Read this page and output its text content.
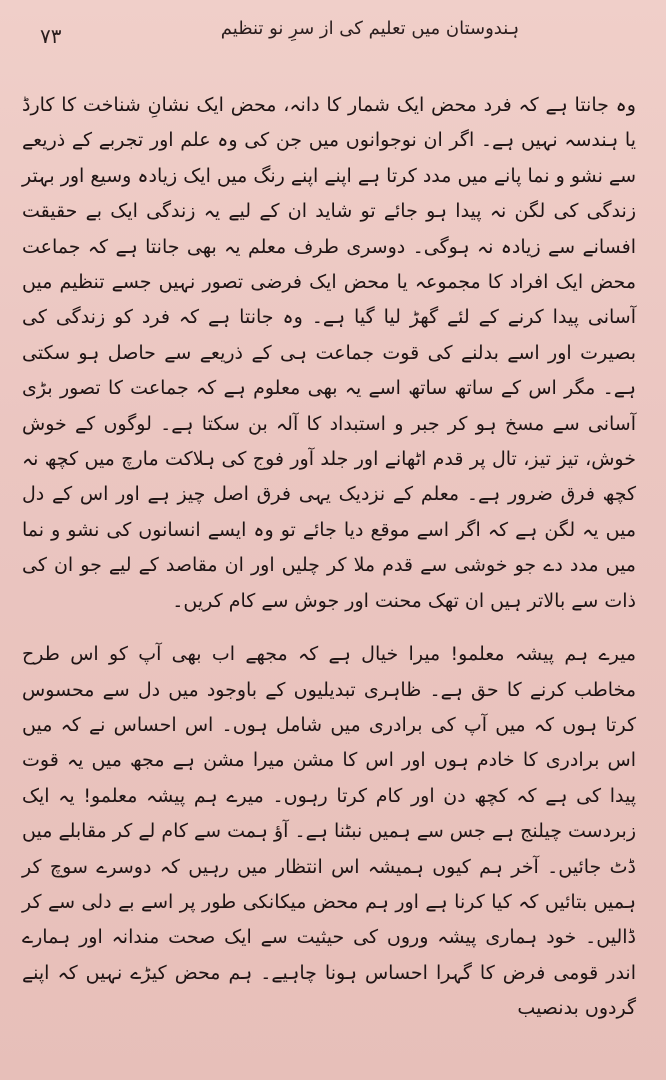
۷۳	ہندوستان میں تعلیم کی از سرِ نو تنظیم

وہ جانتا ہے کہ فرد محض ایک شمار کا دانہ، محض ایک نشانِ شناخت کا کارڈ یا ہندسہ نہیں ہے۔ اگر ان نوجوانوں میں جن کی وہ علم اور تجربے کے ذریعے سے نشو و نما پانے میں مدد کرتا ہے اپنے اپنے رنگ میں ایک زیادہ وسیع اور بہتر زندگی کی لگن نہ پیدا ہو جائے تو شاید ان کے لیے یہ زندگی ایک بے حقیقت افسانے سے زیادہ نہ ہوگی۔ دوسری طرف معلم یہ بھی جانتا ہے کہ جماعت محض ایک افراد کا مجموعہ یا محض ایک فرضی تصور نہیں جسے تنظیم میں آسانی پیدا کرنے کے لئے گھڑ لیا گیا ہے۔ وہ جانتا ہے کہ فرد کو زندگی کی بصیرت اور اسے بدلنے کی قوت جماعت ہی کے ذریعے سے حاصل ہو سکتی ہے۔ مگر اس کے ساتھ ساتھ اسے یہ بھی معلوم ہے کہ جماعت کا تصور بڑی آسانی سے مسخ ہو کر جبر و استبداد کا آلہ بن سکتا ہے۔ لوگوں کے خوش خوش، تیز تیز، تال پر قدم اٹھانے اور جلد آور فوج کی ہلاکت مارچ میں کچھ نہ کچھ فرق ضرور ہے۔ معلم کے نزدیک یہی فرق اصل چیز ہے اور اس کے دل میں یہ لگن ہے کہ اگر اسے موقع دیا جائے تو وہ ایسے انسانوں کی نشو و نما میں مدد دے جو خوشی سے قدم ملا کر چلیں اور ان مقاصد کے لیے جو ان کی ذات سے بالاتر ہیں ان تھک محنت اور جوش سے کام کریں۔

میرے ہم پیشہ معلمو! میرا خیال ہے کہ مجھے اب بھی آپ کو اس طرح مخاطب کرنے کا حق ہے۔ ظاہری تبدیلیوں کے باوجود میں دل سے محسوس کرتا ہوں کہ میں آپ کی برادری میں شامل ہوں۔ اس احساس نے کہ میں اس برادری کا خادم ہوں اور اس کا مشن میرا مشن ہے مجھ میں یہ قوت پیدا کی ہے کہ کچھ دن اور کام کرتا رہوں۔ میرے ہم پیشہ معلمو! یہ ایک زبردست چیلنج ہے جس سے ہمیں نبٹنا ہے۔ آؤ ہمت سے کام لے کر مقابلے میں ڈٹ جائیں۔ آخر ہم کیوں ہمیشہ اس انتظار میں رہیں کہ دوسرے سوچ کر ہمیں بتائیں کہ کیا کرنا ہے اور ہم محض میکانکی طور پر اسے بے دلی سے کر ڈالیں۔ خود ہماری پیشہ وروں کی حیثیت سے ایک صحت مندانہ اور ہمارے اندر قومی فرض کا گہرا احساس ہونا چاہیے۔ ہم محض کیڑے نہیں کہ اپنے گردوں بدنصیب
